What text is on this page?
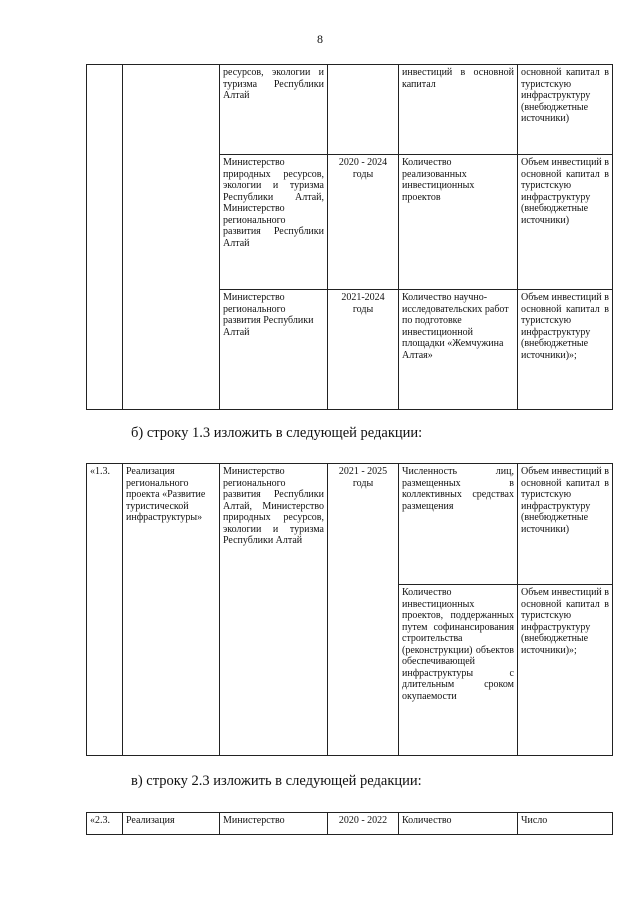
8
		ресурсов, экологии и туризма Республики Алтай		инвестиций в основной капитал	основной капитал в туристскую инфраструктуру (внебюджетные источники)
		Министерство природных ресурсов, экологии и туризма Республики Алтай, Министерство регионального развития Республики Алтай	2020 - 2024 годы	Количество реализованных инвестиционных проектов	Объем инвестиций в основной капитал в туристскую инфраструктуру (внебюджетные источники)
		Министерство регионального развития Республики Алтай	2021-2024 годы	Количество научно-исследовательских работ по подготовке инвестиционной площадки «Жемчужина Алтая»	Объем инвестиций в основной капитал в туристскую инфраструктуру (внебюджетные источники)»;
б) строку 1.3 изложить в следующей редакции:
«1.3.	Реализация регионального проекта «Развитие туристической инфраструктуры»	Министерство регионального развития Республики Алтай, Министерство природных ресурсов, экологии и туризма Республики Алтай	2021 - 2025 годы	Численность лиц, размещенных в коллективных средствах размещения	Объем инвестиций в основной капитал в туристскую инфраструктуру (внебюджетные источники)
				Количество инвестиционных проектов, поддержанных путем софинансирования строительства (реконструкции) объектов обеспечивающей инфраструктуры с длительным сроком окупаемости	Объем инвестиций в основной капитал в туристскую инфраструктуру (внебюджетные источники)»;
в) строку 2.3 изложить в следующей редакции:
«2.3.	Реализация	Министерство	2020 - 2022	Количество	Число
